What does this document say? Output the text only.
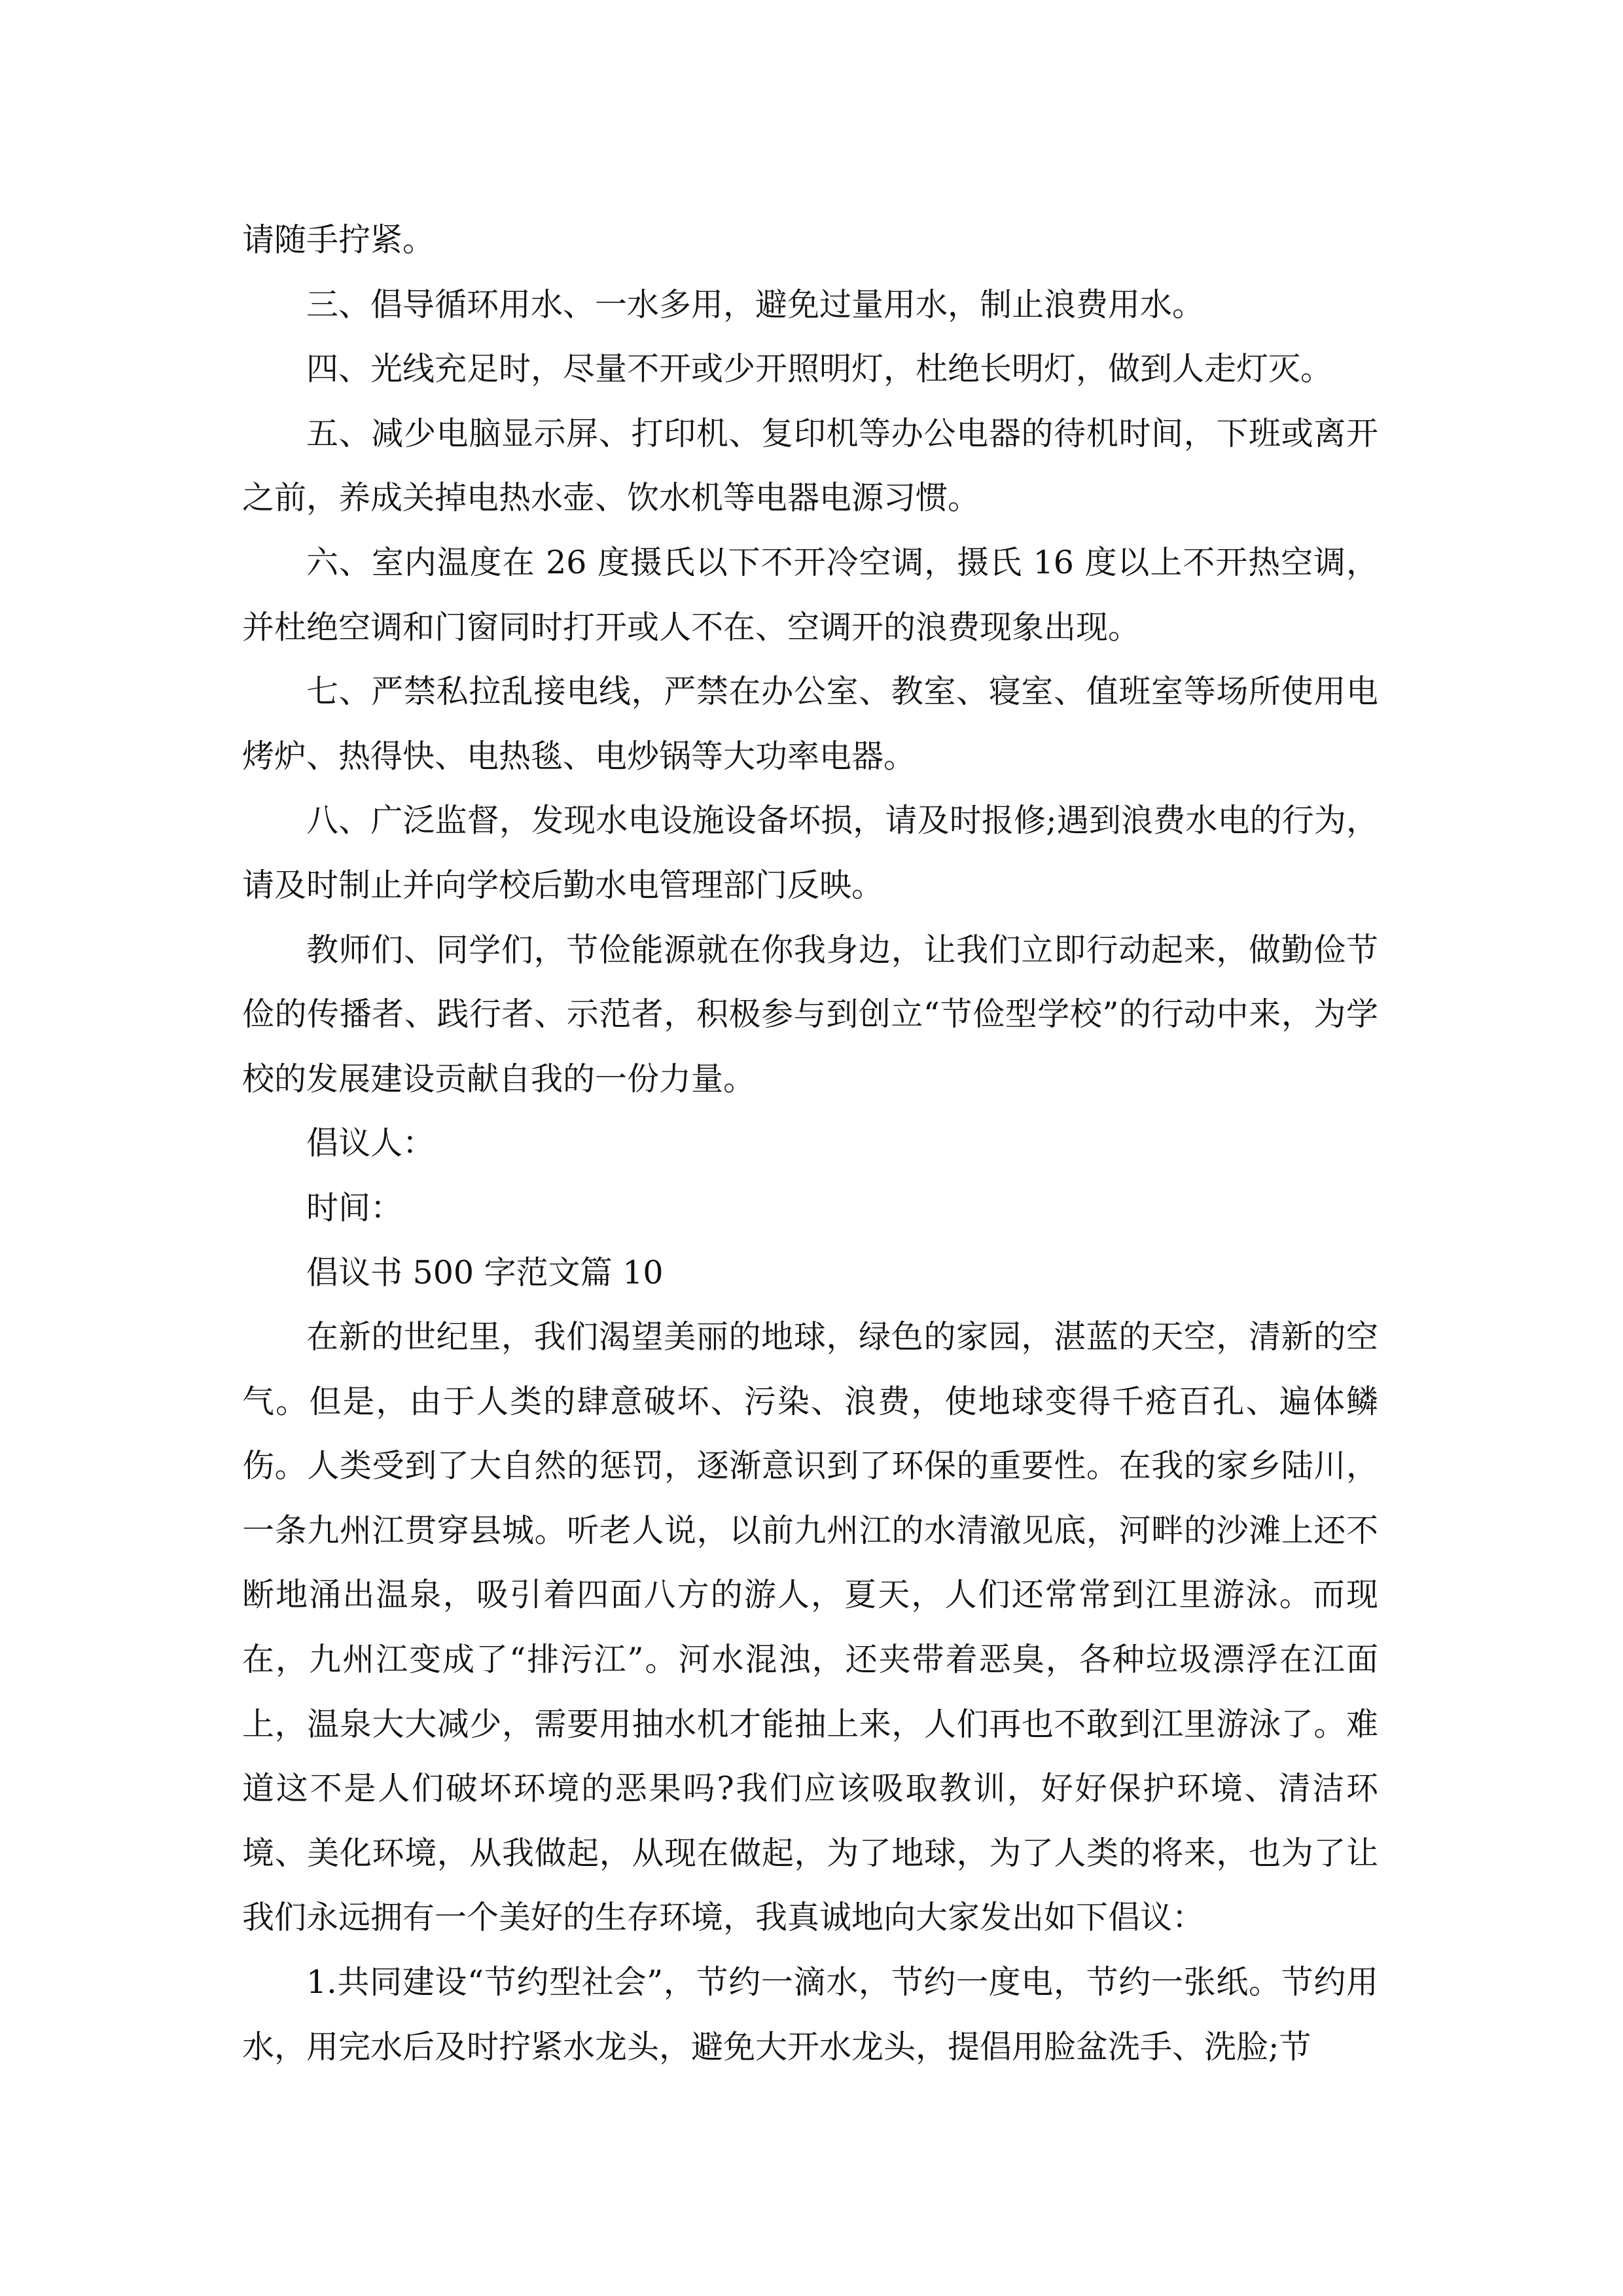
请随手拧紧。

三、倡导循环用水、一水多用，避免过量用水，制止浪费用水。

四、光线充足时，尽量不开或少开照明灯，杜绝长明灯，做到人走灯灭。

五、减少电脑显示屏、打印机、复印机等办公电器的待机时间，下班或离开之前，养成关掉电热水壶、饮水机等电器电源习惯。

六、室内温度在 26 度摄氏以下不开冷空调，摄氏 16 度以上不开热空调，并杜绝空调和门窗同时打开或人不在、空调开的浪费现象出现。

七、严禁私拉乱接电线，严禁在办公室、教室、寝室、值班室等场所使用电烤炉、热得快、电热毯、电炒锅等大功率电器。

八、广泛监督，发现水电设施设备坏损，请及时报修;遇到浪费水电的行为，请及时制止并向学校后勤水电管理部门反映。

教师们、同学们，节俭能源就在你我身边，让我们立即行动起来，做勤俭节俭的传播者、践行者、示范者，积极参与到创立“节俭型学校”的行动中来，为学校的发展建设贡献自我的一份力量。

倡议人：

时间：

倡议书 500 字范文篇 10

在新的世纪里，我们渴望美丽的地球，绿色的家园，湛蓝的天空，清新的空气。但是，由于人类的肆意破坏、污染、浪费，使地球变得千疮百孔、遍体鳞伤。人类受到了大自然的惩罚，逐渐意识到了环保的重要性。在我的家乡陆川，一条九州江贯穿县城。听老人说，以前九州江的水清澈见底，河畔的沙滩上还不断地涌出温泉，吸引着四面八方的游人，夏天，人们还常常到江里游泳。而现在，九州江变成了“排污江”。河水混浊，还夹带着恶臭，各种垃圾漂浮在江面上，温泉大大减少，需要用抽水机才能抽上来，人们再也不敢到江里游泳了。难道这不是人们破坏环境的恶果吗?我们应该吸取教训，好好保护环境、清洁环境、美化环境，从我做起，从现在做起，为了地球，为了人类的将来，也为了让我们永远拥有一个美好的生存环境，我真诚地向大家发出如下倡议：

1.共同建设“节约型社会”，节约一滴水，节约一度电，节约一张纸。节约用水，用完水后及时拧紧水龙头，避免大开水龙头，提倡用脸盆洗手、洗脸;节
